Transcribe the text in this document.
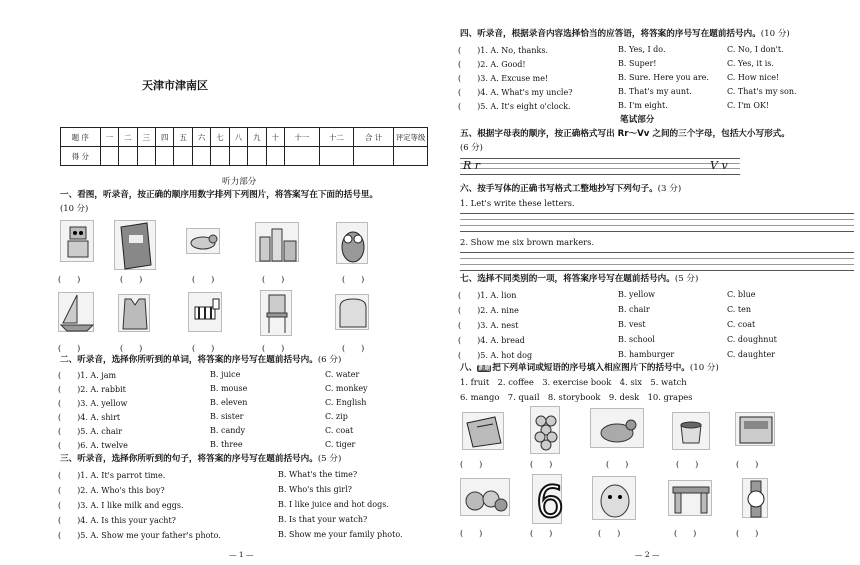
天津市津南区
题 序	一	二	三	四	五	六	七	八	九	十	十一	十二	合 计	评定等级
得 分														
听力部分
一、看图，听录音，按正确的顺序用数字排列下列图片，将答案写在下面的括号里。
(10 分)
(　　)	(　　)	(　　)	(　　)	(　　)
(　　)	(　　)	(　　)	(　　)	(　　)
二、听录音，选择你所听到的单词，将答案的序号写在题前括号内。(6 分)
(　　)1. A. jam	B. juice	C. water
(　　)2. A. rabbit	B. mouse	C. monkey
(　　)3. A. yellow	B. eleven	C. English
(　　)4. A. shirt	B. sister	C. zip
(　　)5. A. chair	B. candy	C. coat
(　　)6. A. twelve	B. three	C. tiger
三、听录音，选择你所听到的句子，将答案的序号写在题前括号内。(5 分)
(　　)1. A. It's parrot time.	B. What's the time?
(　　)2. A. Who's this boy?	B. Who's this girl?
(　　)3. A. I like milk and eggs.	B. I like juice and hot dogs.
(　　)4. A. Is this your yacht?	B. Is that your watch?
(　　)5. A. Show me your father's photo.	B. Show me your family photo.
— 1 —
四、听录音，根据录音内容选择恰当的应答语，将答案的序号写在题前括号内。(10 分)
(　　)1. A. No, thanks.	B. Yes, I do.	C. No, I don't.
(　　)2. A. Good!	B. Super!	C. Yes, it is.
(　　)3. A. Excuse me!	B. Sure. Here you are. C. How nice!
(　　)4. A. What's my uncle?	B. That's my aunt.	C. That's my son.
(　　)5. A. It's eight o'clock.	B. I'm eight.	C. I'm OK!
笔试部分
五、根据字母表的顺序，按正确格式写出 Rr～Vv 之间的三个字母，包括大小写形式。
(6 分)
R r	V v
六、按手写体的正确书写格式工整地抄写下列句子。(3 分)
1. Let's write these letters.
2. Show me six brown markers.
七、选择不同类别的一项，将答案序号写在题前括号内。(5 分)
(　　)1. A. lion	B. yellow	C. blue
(　　)2. A. nine	B. chair	C. ten
(　　)3. A. nest	B. vest	C. coat
(　　)4. A. bread	B. school	C. doughnut
(　　)5. A. hot dog	B. hamburger	C. daughter
八、新题 把下列单词或短语的序号填入相应图片下的括号中。(10 分)
1. fruit　2. coffee　3. exercise book　4. six　5. watch
6. mango　7. quail　8. storybook　9. desk　10. grapes
(　　)	(　　)	(　　)	(　　)	(　　)
6
(　　)	(　　)	(　　)	(　　)	(　　)
— 2 —
